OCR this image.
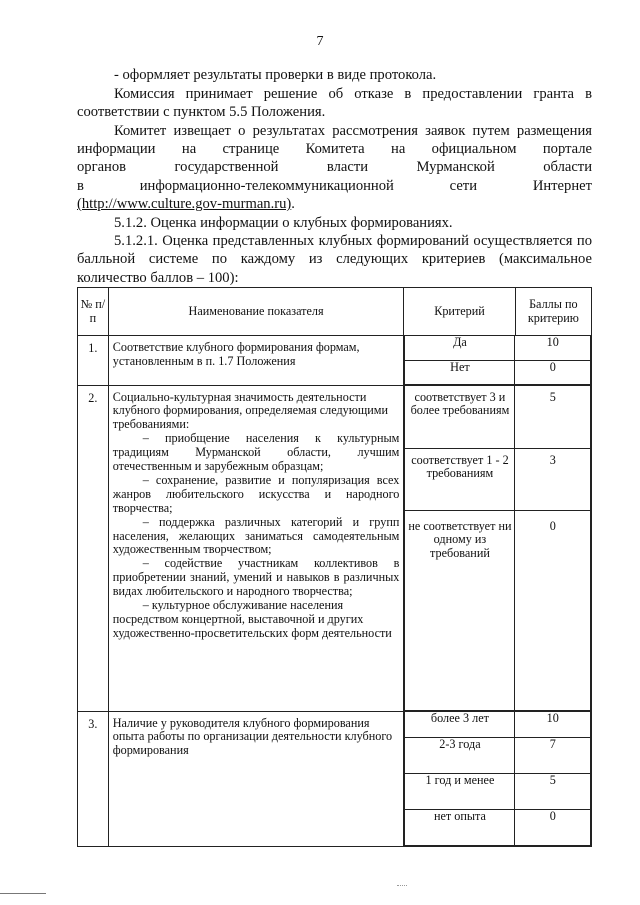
7

- оформляет результаты проверки в виде протокола.

Комиссия принимает решение об отказе в предоставлении гранта в соответствии с пунктом 5.5 Положения.

Комитет извещает о результатах рассмотрения заявок путем размещения
информации на странице Комитета на официальном портале
органов государственной власти Мурманской области
в информационно-телекоммуникационной сети Интернет
(http://www.culture.gov-murman.ru).

5.1.2. Оценка информации о клубных формированиях.

5.1.2.1. Оценка представленных клубных формирований осуществляется по балльной системе по каждому из следующих критериев (максимальное количество баллов – 100):

№ п/п	Наименование показателя	Критерий	Баллы по критерию

1.	Соответствие клубного формирования формам, установленным в п. 1.7 Положения

Да	10
Нет	0

2.	Социально-культурная значимость деятельности клубного формирования, определяемая следующими требованиями:
– приобщение населения к культурным традициям Мурманской области, лучшим отечественным и зарубежным образцам;
– сохранение, развитие и популяризация всех жанров любительского искусства и народного творчества;
– поддержка различных категорий и групп населения, желающих заниматься самодеятельным художественным творчеством;
– содействие участникам коллективов в приобретении знаний, умений и навыков в различных видах любительского и народного творчества;
– культурное обслуживание населения посредством концертной, выставочной и других художественно-просветительских форм деятельности

соответствует 3 и более требованиям	5
соответствует 1 - 2 требованиям	3
не соответствует ни одному из требований	0

3.	Наличие у руководителя клубного формирования опыта работы по организации деятельности клубного формирования

более 3 лет	10
2-3 года	7
1 год и менее	5
нет опыта	0
